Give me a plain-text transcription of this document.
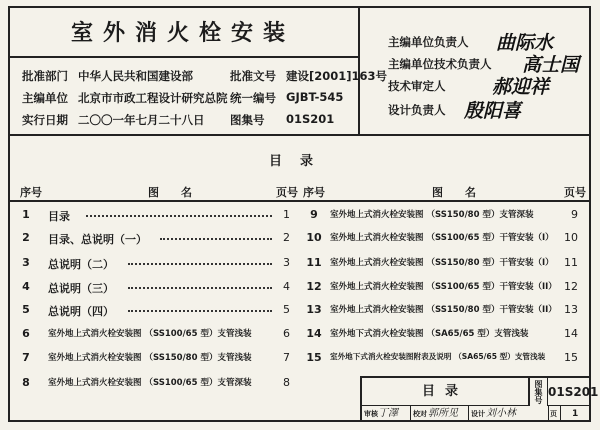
室外消火栓安装
批准部门 中华人民共和国建设部	批准文号 建设[2001]163号
主编单位 北京市市政工程设计研究总院 统一编号 GJBT-545
实行日期 二〇〇一年七月二十八日 图集号 01S201
主编单位负责人 曲际水
主编单位技术负责人 高士国
技术审定人 郝迎祥
设计负责人 殷阳喜
目录
序号	图　　名	页号 序号	图　　名	页号
1	目录	1
2	目录、总说明（一）	2
3	总说明（二）	3
4	总说明（三）	4
5	总说明（四）	5
6	室外地上式消火栓安装图 （SS100/65 型）支管浅装	6
7	室外地上式消火栓安装图 （SS150/80 型）支管浅装	7
8	室外地上式消火栓安装图 （SS100/65 型）支管深装	8
9	室外地上式消火栓安装图 （SS150/80 型）支管深装	9
10 室外地上式消火栓安装图 （SS100/65 型）干管安装（I） 10
11 室外地上式消火栓安装图 （SS150/80 型）干管安装（I） 11
12 室外地上式消火栓安装图 （SS100/65 型）干管安装（II） 12
13 室外地上式消火栓安装图 （SS150/80 型）干管安装（II） 13
14 室外地下式消火栓安装图 （SA65/65 型）支管浅装	14
15	室外地下式消火栓安装图附表及说明 （SA65/65 型）支管浅装 15
目录	图集号 01S201
审核 丁澤 校对 郭所见 设计 刘小林	页 1
